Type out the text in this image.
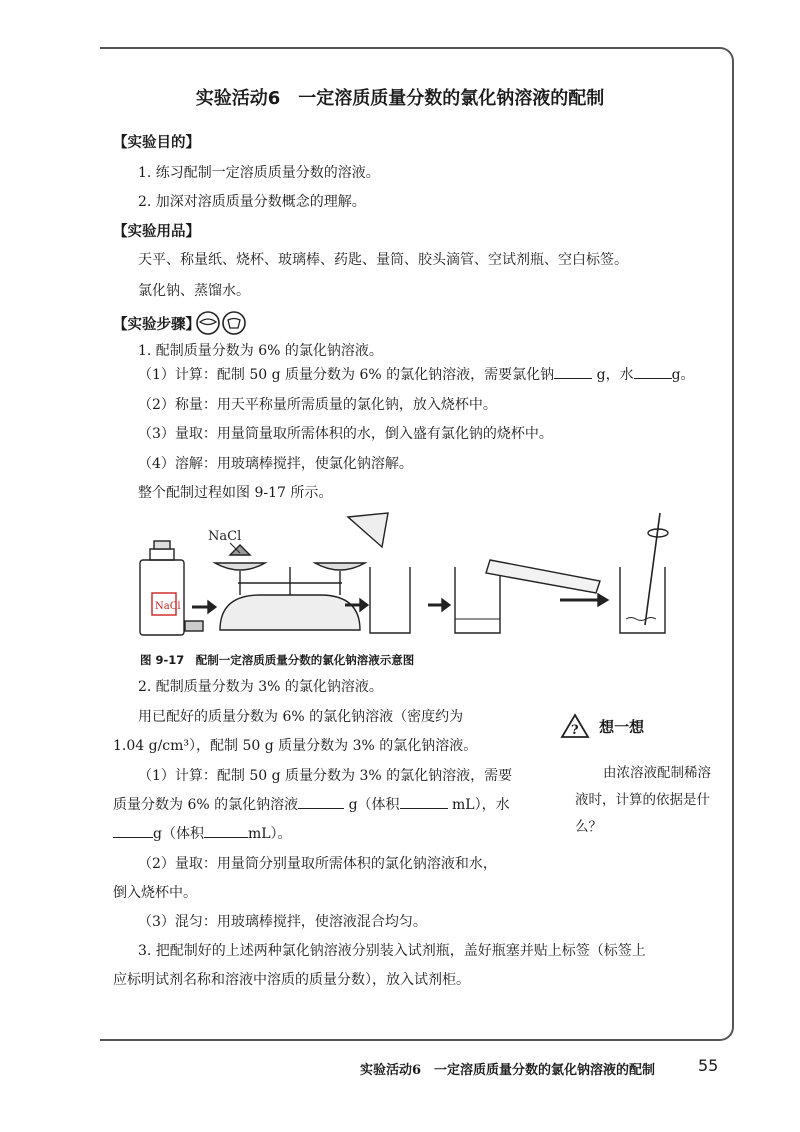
实验活动6　一定溶质质量分数的氯化钠溶液的配制
【实验目的】
1. 练习配制一定溶质质量分数的溶液。
2. 加深对溶质质量分数概念的理解。
【实验用品】
天平、称量纸、烧杯、玻璃棒、药匙、量筒、胶头滴管、空试剂瓶、空白标签。
氯化钠、蒸馏水。
【实验步骤】
1. 配制质量分数为 6% 的氯化钠溶液。
（1）计算：配制 50 g 质量分数为 6% 的氯化钠溶液，需要氯化钠	g，水	g。
（2）称量：用天平称量所需质量的氯化钠，放入烧杯中。
（3）量取：用量筒量取所需体积的水，倒入盛有氯化钠的烧杯中。
（4）溶解：用玻璃棒搅拌，使氯化钠溶解。
整个配制过程如图 9-17 所示。
NaCl
NaCl
图 9-17　配制一定溶质质量分数的氯化钠溶液示意图
2. 配制质量分数为 3% 的氯化钠溶液。
用已配好的质量分数为 6% 的氯化钠溶液（密度约为
1.04 g/cm³），配制 50 g 质量分数为 3% 的氯化钠溶液。
（1）计算：配制 50 g 质量分数为 3% 的氯化钠溶液，需要
质量分数为 6% 的氯化钠溶液	g（体积	mL），水
g（体积	mL）。
（2）量取：用量筒分别量取所需体积的氯化钠溶液和水，
倒入烧杯中。
（3）混匀：用玻璃棒搅拌，使溶液混合均匀。
3. 把配制好的上述两种氯化钠溶液分别装入试剂瓶，盖好瓶塞并贴上标签（标签上
应标明试剂名称和溶液中溶质的质量分数），放入试剂柜。
? 想一想
由浓溶液配制稀溶液时，计算的依据是什么？
实验活动6　一定溶质质量分数的氯化钠溶液的配制	55
